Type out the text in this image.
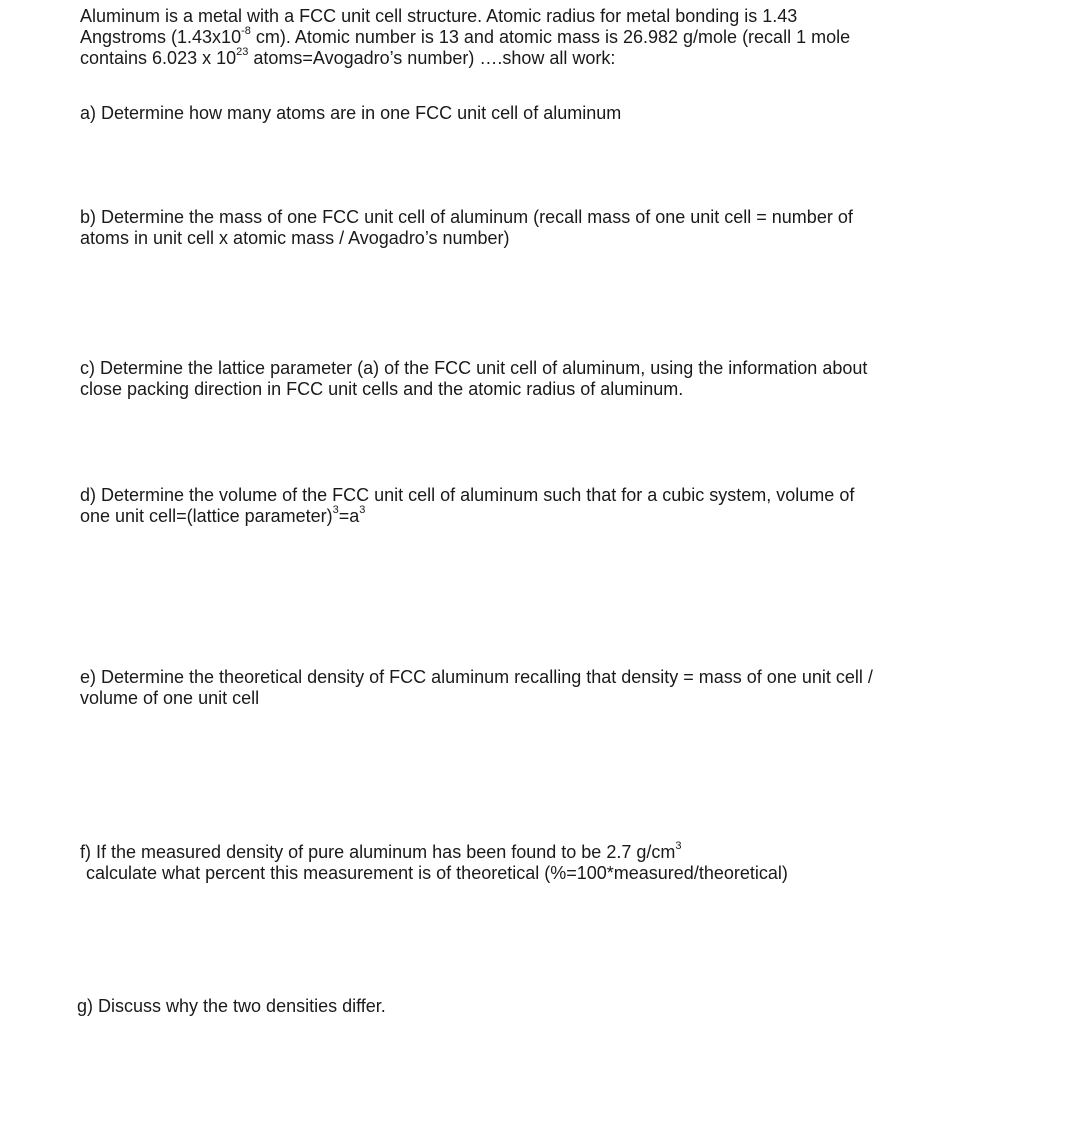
Aluminum is a metal with a FCC unit cell structure. Atomic radius for metal bonding is 1.43
Angstroms ($1.43x10^{-8}$ cm). Atomic number is 13 and atomic mass is 26.982 g/mole (recall 1 mole
contains 6.023 x $10^{23}$ atoms=Avogadro’s number) ….show all work:
a) Determine how many atoms are in one FCC unit cell of aluminum
b) Determine the mass of one FCC unit cell of aluminum (recall mass of one unit cell = number of
atoms in unit cell x atomic mass / Avogadro’s number)
c) Determine the lattice parameter (a) of the FCC unit cell of aluminum, using the information about
close packing direction in FCC unit cells and the atomic radius of aluminum.
d) Determine the volume of the FCC unit cell of aluminum such that for a cubic system, volume of
one unit cell=(lattice $parameter)^3=a^3$
e) Determine the theoretical density of FCC aluminum recalling that density = mass of one unit cell /
volume of one unit cell
f) If the measured density of pure aluminum has been found to be 2.7 $g/cm^3$
calculate what percent this measurement is of theoretical (%=100*measured/theoretical)
g) Discuss why the two densities differ.
